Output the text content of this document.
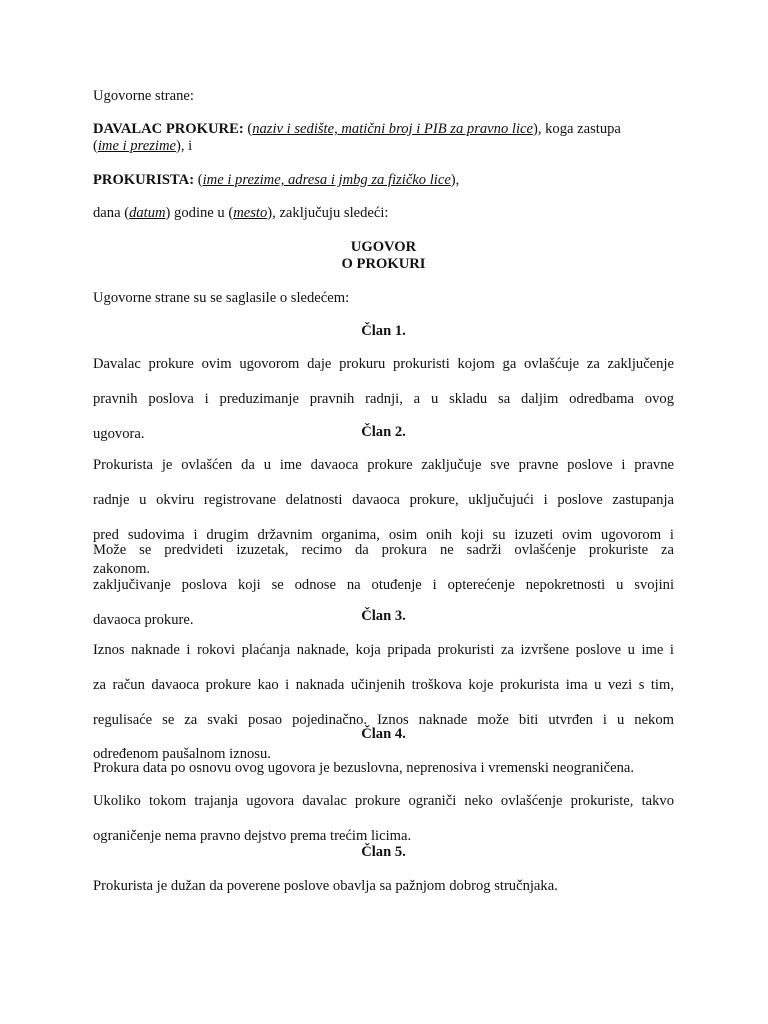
Ugovorne strane:

DAVALAC PROKURE: (naziv i sedište, matični broj i PIB za pravno lice), koga zastupa
(ime i prezime), i
PROKURISTA: (ime i prezime, adresa i jmbg za fizičko lice),
dana (datum) godine u (mesto), zaključuju sledeći:
UGOVOR
O PROKURI

Ugovorne strane su se saglasile o sledećem:

Član 1.
Davalac prokure ovim ugovorom daje prokuru prokuristi kojom ga ovlašćuje za zaključenje
pravnih poslova i preduzimanje pravnih radnji, a u skladu sa daljim odredbama ovog
ugovora.	Član 2.
Prokurista je ovlašćen da u ime davaoca prokure zaključuje sve pravne poslove i pravne
radnje u okviru registrovane delatnosti davaoca prokure, uključujući i poslove zastupanja
pred sudovima i drugim državnim organima, osim onih koji su izuzeti ovim ugovorom i
zakonom.
Može se predvideti izuzetak, recimo da prokura ne sadrži ovlašćenje prokuriste za
zaključivanje poslova koji se odnose na otuđenje i opterećenje nepokretnosti u svojini
davaoca prokure.	Član 3.
Iznos naknade i rokovi plaćanja naknade, koja pripada prokuristi za izvršene poslove u ime i
za račun davaoca prokure kao i naknada učinjenih troškova koje prokurista ima u vezi s tim,
regulisaće se za svaki posao pojedinačno. Iznos naknade može biti utvrđen i u nekom
određenom paušalnom iznosu.
Član 4.
Prokura data po osnovu ovog ugovora je bezuslovna, neprenosiva i vremenski neograničena.
Ukoliko tokom trajanja ugovora davalac prokure ograniči neko ovlašćenje prokuriste, takvo
ograničenje nema pravno dejstvo prema trećim licima.
Član 5.
Prokurista je dužan da poverene poslove obavlja sa pažnjom dobrog stručnjaka.
